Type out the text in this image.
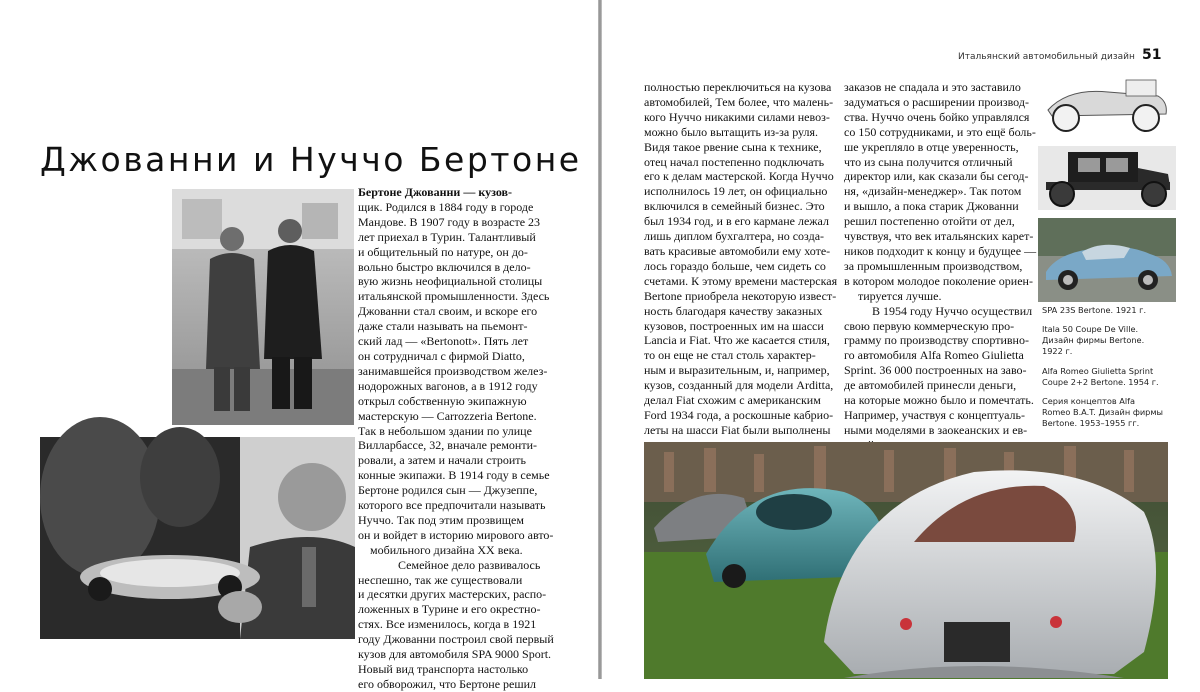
Джованни и Нуччо Бертоне
Бертоне Джованни — кузов-
щик. Родился в 1884 году в городе
Мандове. В 1907 году в возрасте 23
лет приехал в Турин. Талантливый
и общительный по натуре, он до-
вольно быстро включился в дело-
вую жизнь неофициальной столицы
итальянской промышленности. Здесь
Джованни стал своим, и вскоре его
даже стали называть на пьемонт-
ский лад — «Bertonott». Пять лет
он сотрудничал с фирмой Diatto,
занимавшейся производством желез-
нодорожных вагонов, а в 1912 году
открыл собственную экипажную
мастерскую — Carrozzeria Bertone.
Так в небольшом здании по улице
Вилларбассе, 32, вначале ремонти-
ровали, а затем и начали строить
конные экипажи. В 1914 году в семье
Бертоне родился сын — Джузеппе,
которого все предпочитали называть
Нуччо. Так под этим прозвищем
он и войдет в историю мирового авто-
мобильного дизайна XX века.
Семейное дело развивалось
неспешно, так же существовали
и десятки других мастерских, распо-
ложенных в Турине и его окрестно-
стях. Все изменилось, когда в 1921
году Джованни построил свой первый
кузов для автомобиля SPA 9000 Sport.
Новый вид транспорта настолько
его обворожил, что Бертоне решил
Итальянский автомобильный дизайн 51
полностью переключиться на кузова
автомобилей, Тем более, что малень-
кого Нуччо никакими силами невоз-
можно было вытащить из-за руля.
Видя такое рвение сына к технике,
отец начал постепенно подключать
его к делам мастерской. Когда Нуччо
исполнилось 19 лет, он официально
включился в семейный бизнес. Это
был 1934 год, и в его кармане лежал
лишь диплом бухгалтера, но созда-
вать красивые автомобили ему хоте-
лось гораздо больше, чем сидеть со
счетами. К этому времени мастерская
Bertone приобрела некоторую извест-
ность благодаря качеству заказных
кузовов, построенных им на шасси
Lancia и Fiat. Что же касается стиля,
то он еще не стал столь характер-
ным и выразительным, и, например,
кузов, созданный для модели Arditta,
делал Fiat схожим с американским
Ford 1934 года, а роскошные кабрио-
леты на шасси Fiat были выполнены
заказов не спадала и это заставило
задуматься о расширении производ-
ства. Нуччо очень бойко управлялся
со 150 сотрудниками, и это ещё боль-
ше укрепляло в отце уверенность,
что из сына получится отличный
директор или, как сказали бы сегод-
ня, «дизайн-менеджер». Так потом
и вышло, а пока старик Джованни
решил постепенно отойти от дел,
чувствуя, что век итальянских карет-
ников подходит к концу и будущее —
за промышленным производством,
в котором молодое поколение ориен-
тируется лучше.
В 1954 году Нуччо осуществил
свою первую коммерческую про-
грамму по производству спортивно-
го автомобиля Alfa Romeo Giulietta
Sprint. 36 000 построенных на заво-
де автомобилей принесли деньги,
на которые можно было и помечтать.
Например, участвуя с концептуаль-
ными моделями в заокеанских и ев-
SPA 23S Bertone. 1921 г.
Itala 50 Coupe De Ville.
Дизайн фирмы Bertone.
1922 г.
Alfa Romeo Giulietta Sprint
Coupe 2+2 Bertone. 1954 г.
Серия концептов Alfa
Romeo B.A.T. Дизайн фирмы
Bertone. 1953–1955 гг.
